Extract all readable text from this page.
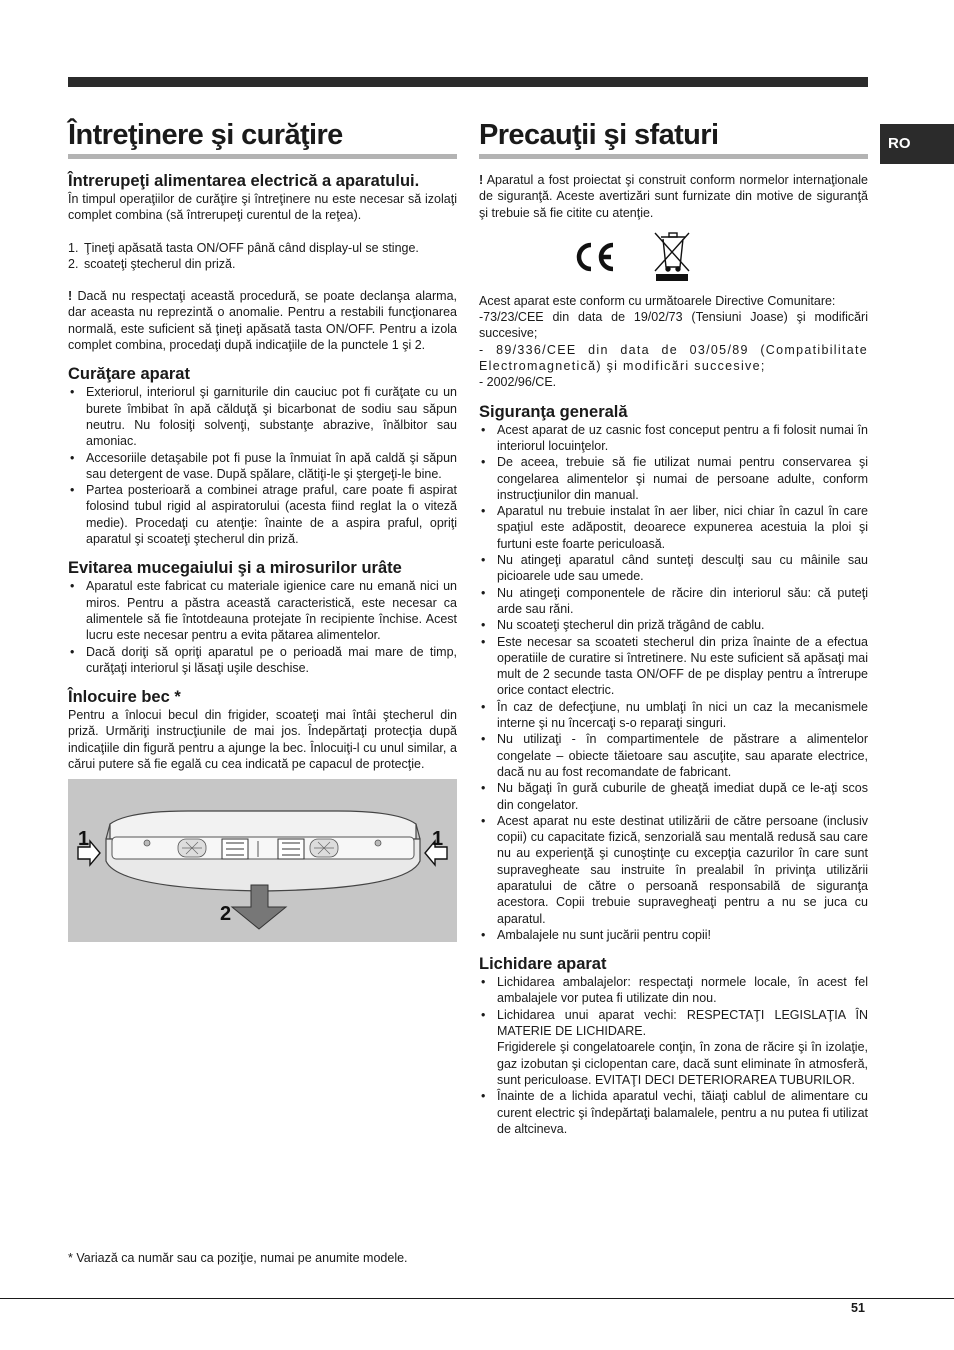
RO
Întreţinere şi curăţire
Întrerupeţi alimentarea electrică a aparatului.

În timpul operaţiilor de curăţire şi întreţinere nu este necesar să izolaţi complet combina (să întrerupeţi curentul de la reţea).

1. Ţineţi apăsată tasta ON/OFF până când display-ul se stinge.
2. scoateţi ştecherul din priză.

! Dacă nu respectaţi această procedură, se poate declanşa alarma, dar aceasta nu reprezintă o anomalie. Pentru a restabili funcţionarea normală, este suficient să ţineţi apăsată tasta ON/OFF. Pentru a izola complet combina, procedaţi după indicaţiile de la punctele 1 şi 2.

Curăţare aparat
• Exteriorul, interiorul şi garniturile din cauciuc pot fi curăţate cu un burete îmbibat în apă călduţă şi bicarbonat de sodiu sau săpun neutru. Nu folosiţi solvenţi, substanţe abrazive, înălbitor sau amoniac.
• Accesoriile detaşabile pot fi puse la înmuiat în apă caldă şi săpun sau detergent de vase. După spălare, clătiţi-le şi ştergeţi-le bine.
• Partea posterioară a combinei atrage praful, care poate fi aspirat folosind tubul rigid al aspiratorului (acesta fiind reglat la o viteză medie). Procedaţi cu atenţie: înainte de a aspira praful, opriţi aparatul şi scoateţi ştecherul din priză.
Evitarea mucegaiului şi a mirosurilor urâte
• Aparatul este fabricat cu materiale igienice care nu emană nici un miros. Pentru a păstra această caracteristică, este necesar ca alimentele să fie întotdeauna protejate în recipiente închise. Acest lucru este necesar pentru a evita pătarea alimentelor.
• Dacă doriţi să opriţi aparatul pe o perioadă mai mare de timp, curăţaţi interiorul şi lăsaţi uşile deschise.
Înlocuire bec *

Pentru a înlocui becul din frigider, scoateţi mai întâi ştecherul din priză. Urmăriţi instrucţiunile de mai jos. Îndepărtaţi protecţia după indicaţiile din figură pentru a ajunge la bec. Înlocuiţi-l cu unul similar, a cărui putere să fie egală cu cea indicată pe capacul de protecţie.

1	1
2
Precauţii şi sfaturi

! Aparatul a fost proiectat şi construit conform normelor internaţionale de siguranţă. Aceste avertizări sunt furnizate din motive de siguranţă şi trebuie să fie citite cu atenţie.

Acest aparat este conform cu următoarele Directive Comunitare:

-73/23/CEE din data de 19/02/73 (Tensiuni Joase) şi modificări succesive;

- 89/336/CEE din data de 03/05/89 (Compatibilitate Electromagnetică) şi modificări succesive;

- 2002/96/CE.

Siguranţa generală
• Acest aparat de uz casnic fost conceput pentru a fi folosit numai în interiorul locuinţelor.
• De aceea, trebuie să fie utilizat numai pentru conservarea şi congelarea alimentelor şi numai de persoane adulte, conform instrucţiunilor din manual.
• Aparatul nu trebuie instalat în aer liber, nici chiar în cazul în care spaţiul este adăpostit, deoarece expunerea acestuia la ploi şi furtuni este foarte periculoasă.
• Nu atingeţi aparatul când sunteţi desculţi sau cu mâinile sau picioarele ude sau umede.
• Nu atingeţi componentele de răcire din interiorul său: că puteţi arde sau răni.
• Nu scoateţi ştecherul din priză trăgând de cablu.
• Este necesar sa scoateti stecherul din priza înainte de a efectua operatiile de curatire si întretinere. Nu este suficient să apăsaţi mai mult de 2 secunde tasta ON/OFF de pe display pentru a întrerupe orice contact electric.
• În caz de defecţiune, nu umblaţi în nici un caz la mecanismele interne şi nu încercaţi s-o reparaţi singuri.
• Nu utilizaţi - în compartimentele de păstrare a alimentelor congelate – obiecte tăietoare sau ascuţite, sau aparate electrice, dacă nu au fost recomandate de fabricant.
• Nu băgaţi în gură cuburile de gheaţă imediat după ce le-aţi scos din congelator.
• Acest aparat nu este destinat utilizării de către persoane (inclusiv copii) cu capacitate fizică, senzorială sau mentală redusă sau care nu au experienţă şi cunoştinţe cu excepţia cazurilor în care sunt supravegheate sau instruite în prealabil în privinţa utilizării aparatului de către o persoană responsabilă de siguranţa acestora. Copii trebuie supravegheaţi pentru a nu se juca cu aparatul.
• Ambalajele nu sunt jucării pentru copii!
Lichidare aparat
• Lichidarea ambalajelor: respectaţi normele locale, în acest fel ambalajele vor putea fi utilizate din nou.
• Lichidarea unui aparat vechi: RESPECTAŢI LEGISLAŢIA ÎN MATERIE DE LICHIDARE.
Frigiderele şi congelatoarele conţin, în zona de răcire şi în izolaţie, gaz izobutan şi ciclopentan care, dacă sunt eliminate în atmosferă, sunt periculoase. EVITAŢI DECI DETERIORAREA TUBURILOR.
• Înainte de a lichida aparatul vechi, tăiaţi cablul de alimentare cu curent electric şi îndepărtaţi balamalele, pentru a nu putea fi utilizat de altcineva.
* Variază ca număr sau ca poziţie, numai pe anumite modele.
51
